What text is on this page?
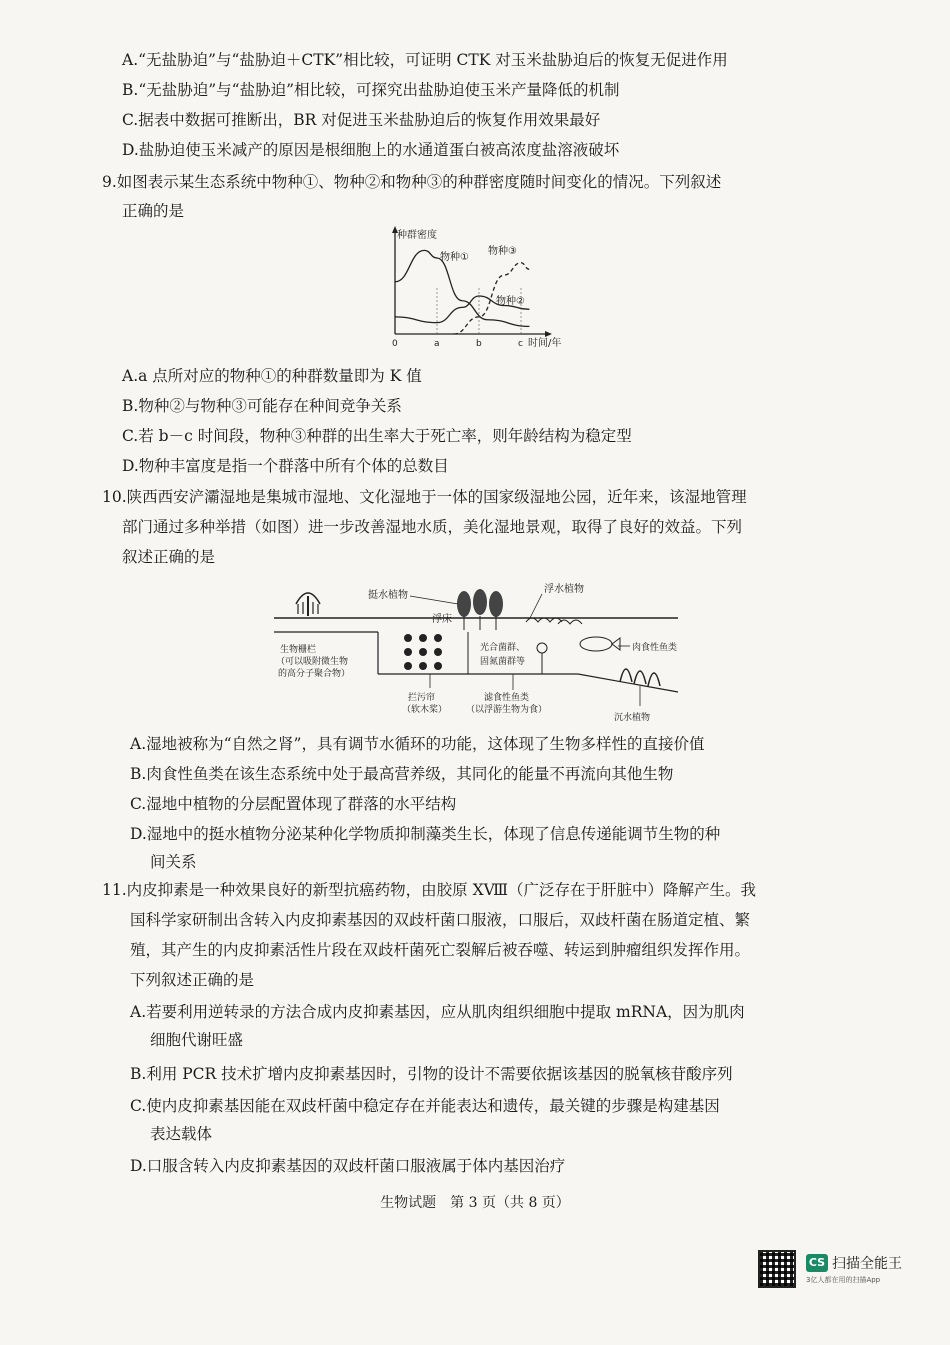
A.“无盐胁迫”与“盐胁迫＋CTK”相比较，可证明 CTK 对玉米盐胁迫后的恢复无促进作用
B.“无盐胁迫”与“盐胁迫”相比较，可探究出盐胁迫使玉米产量降低的机制
C.据表中数据可推断出，BR 对促进玉米盐胁迫后的恢复作用效果最好
D.盐胁迫使玉米减产的原因是根细胞上的水通道蛋白被高浓度盐溶液破坏
9.如图表示某生态系统中物种①、物种②和物种③的种群密度随时间变化的情况。下列叙述
正确的是
种群密度
时间/年
0	a	b	c
物种①
物种③
物种②
A.a 点所对应的物种①的种群数量即为 K 值
B.物种②与物种③可能存在种间竞争关系
C.若 b－c 时间段，物种③种群的出生率大于死亡率，则年龄结构为稳定型
D.物种丰富度是指一个群落中所有个体的总数目
10.陕西西安浐灞湿地是集城市湿地、文化湿地于一体的国家级湿地公园，近年来，该湿地管理
部门通过多种举措（如图）进一步改善湿地水质，美化湿地景观，取得了良好的效益。下列
叙述正确的是
挺水植物
浮床
浮水植物
生物栅栏
（可以吸附微生物
的高分子聚合物）
光合菌群、
固氮菌群等
肉食性鱼类
拦污帘
（软木桨）
滤食性鱼类
（以浮游生物为食）
沉水植物
A.湿地被称为“自然之肾”，具有调节水循环的功能，这体现了生物多样性的直接价值
B.肉食性鱼类在该生态系统中处于最高营养级，其同化的能量不再流向其他生物
C.湿地中植物的分层配置体现了群落的水平结构
D.湿地中的挺水植物分泌某种化学物质抑制藻类生长，体现了信息传递能调节生物的种
间关系
11.内皮抑素是一种效果良好的新型抗癌药物，由胶原 XⅧ（广泛存在于肝脏中）降解产生。我
国科学家研制出含转入内皮抑素基因的双歧杆菌口服液，口服后，双歧杆菌在肠道定植、繁
殖，其产生的内皮抑素活性片段在双歧杆菌死亡裂解后被吞噬、转运到肿瘤组织发挥作用。
下列叙述正确的是
A.若要利用逆转录的方法合成内皮抑素基因，应从肌肉组织细胞中提取 mRNA，因为肌肉
细胞代谢旺盛
B.利用 PCR 技术扩增内皮抑素基因时，引物的设计不需要依据该基因的脱氧核苷酸序列
C.使内皮抑素基因能在双歧杆菌中稳定存在并能表达和遗传，最关键的步骤是构建基因
表达载体
D.口服含转入内皮抑素基因的双歧杆菌口服液属于体内基因治疗
生物试题　第 3 页（共 8 页）
CS 扫描全能王
3亿人都在用的扫描App
